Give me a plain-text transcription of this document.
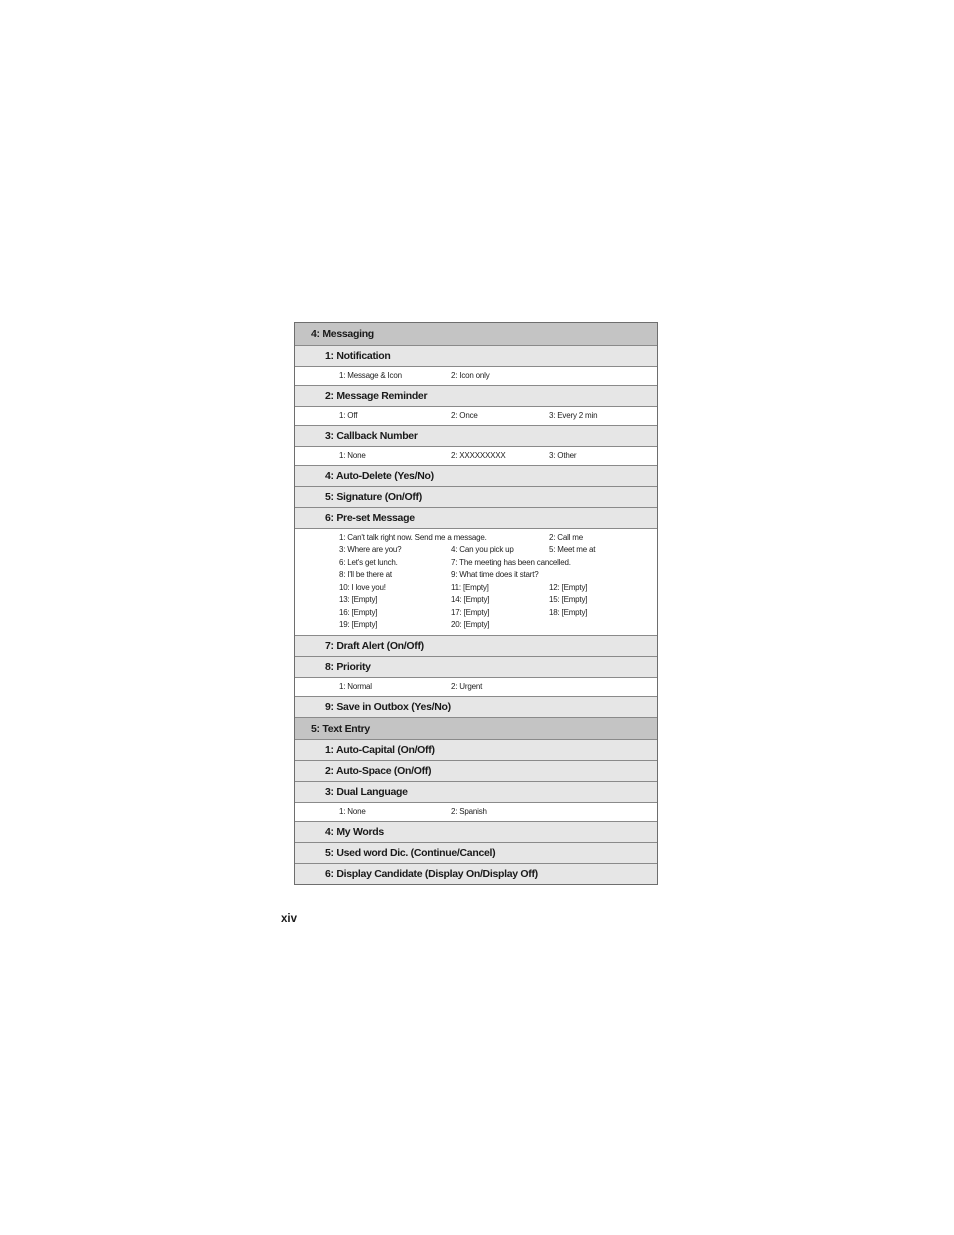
4: Messaging
1: Notification
1: Message & Icon	2: Icon only
2: Message Reminder
1: Off	2: Once	3: Every 2 min
3: Callback Number
1: None	2: XXXXXXXXX	3: Other
4: Auto-Delete (Yes/No)
5: Signature (On/Off)
6: Pre-set Message
1: Can't talk right now. Send me a message.	2: Call me
3: Where are you?	4: Can you pick up	5: Meet me at
6: Let's get lunch.	7: The meeting has been cancelled.
8: I'll be there at	9: What time does it start?
10: I love you!	11: [Empty]	12: [Empty]
13: [Empty]	14: [Empty]	15: [Empty]
16: [Empty]	17: [Empty]	18: [Empty]
19: [Empty]	20: [Empty]
7: Draft Alert (On/Off)
8: Priority
1: Normal	2: Urgent
9: Save in Outbox (Yes/No)
5: Text Entry
1: Auto-Capital (On/Off)
2: Auto-Space (On/Off)
3: Dual Language
1: None	2: Spanish
4: My Words
5: Used word Dic. (Continue/Cancel)
6: Display Candidate (Display On/Display Off)
xiv
